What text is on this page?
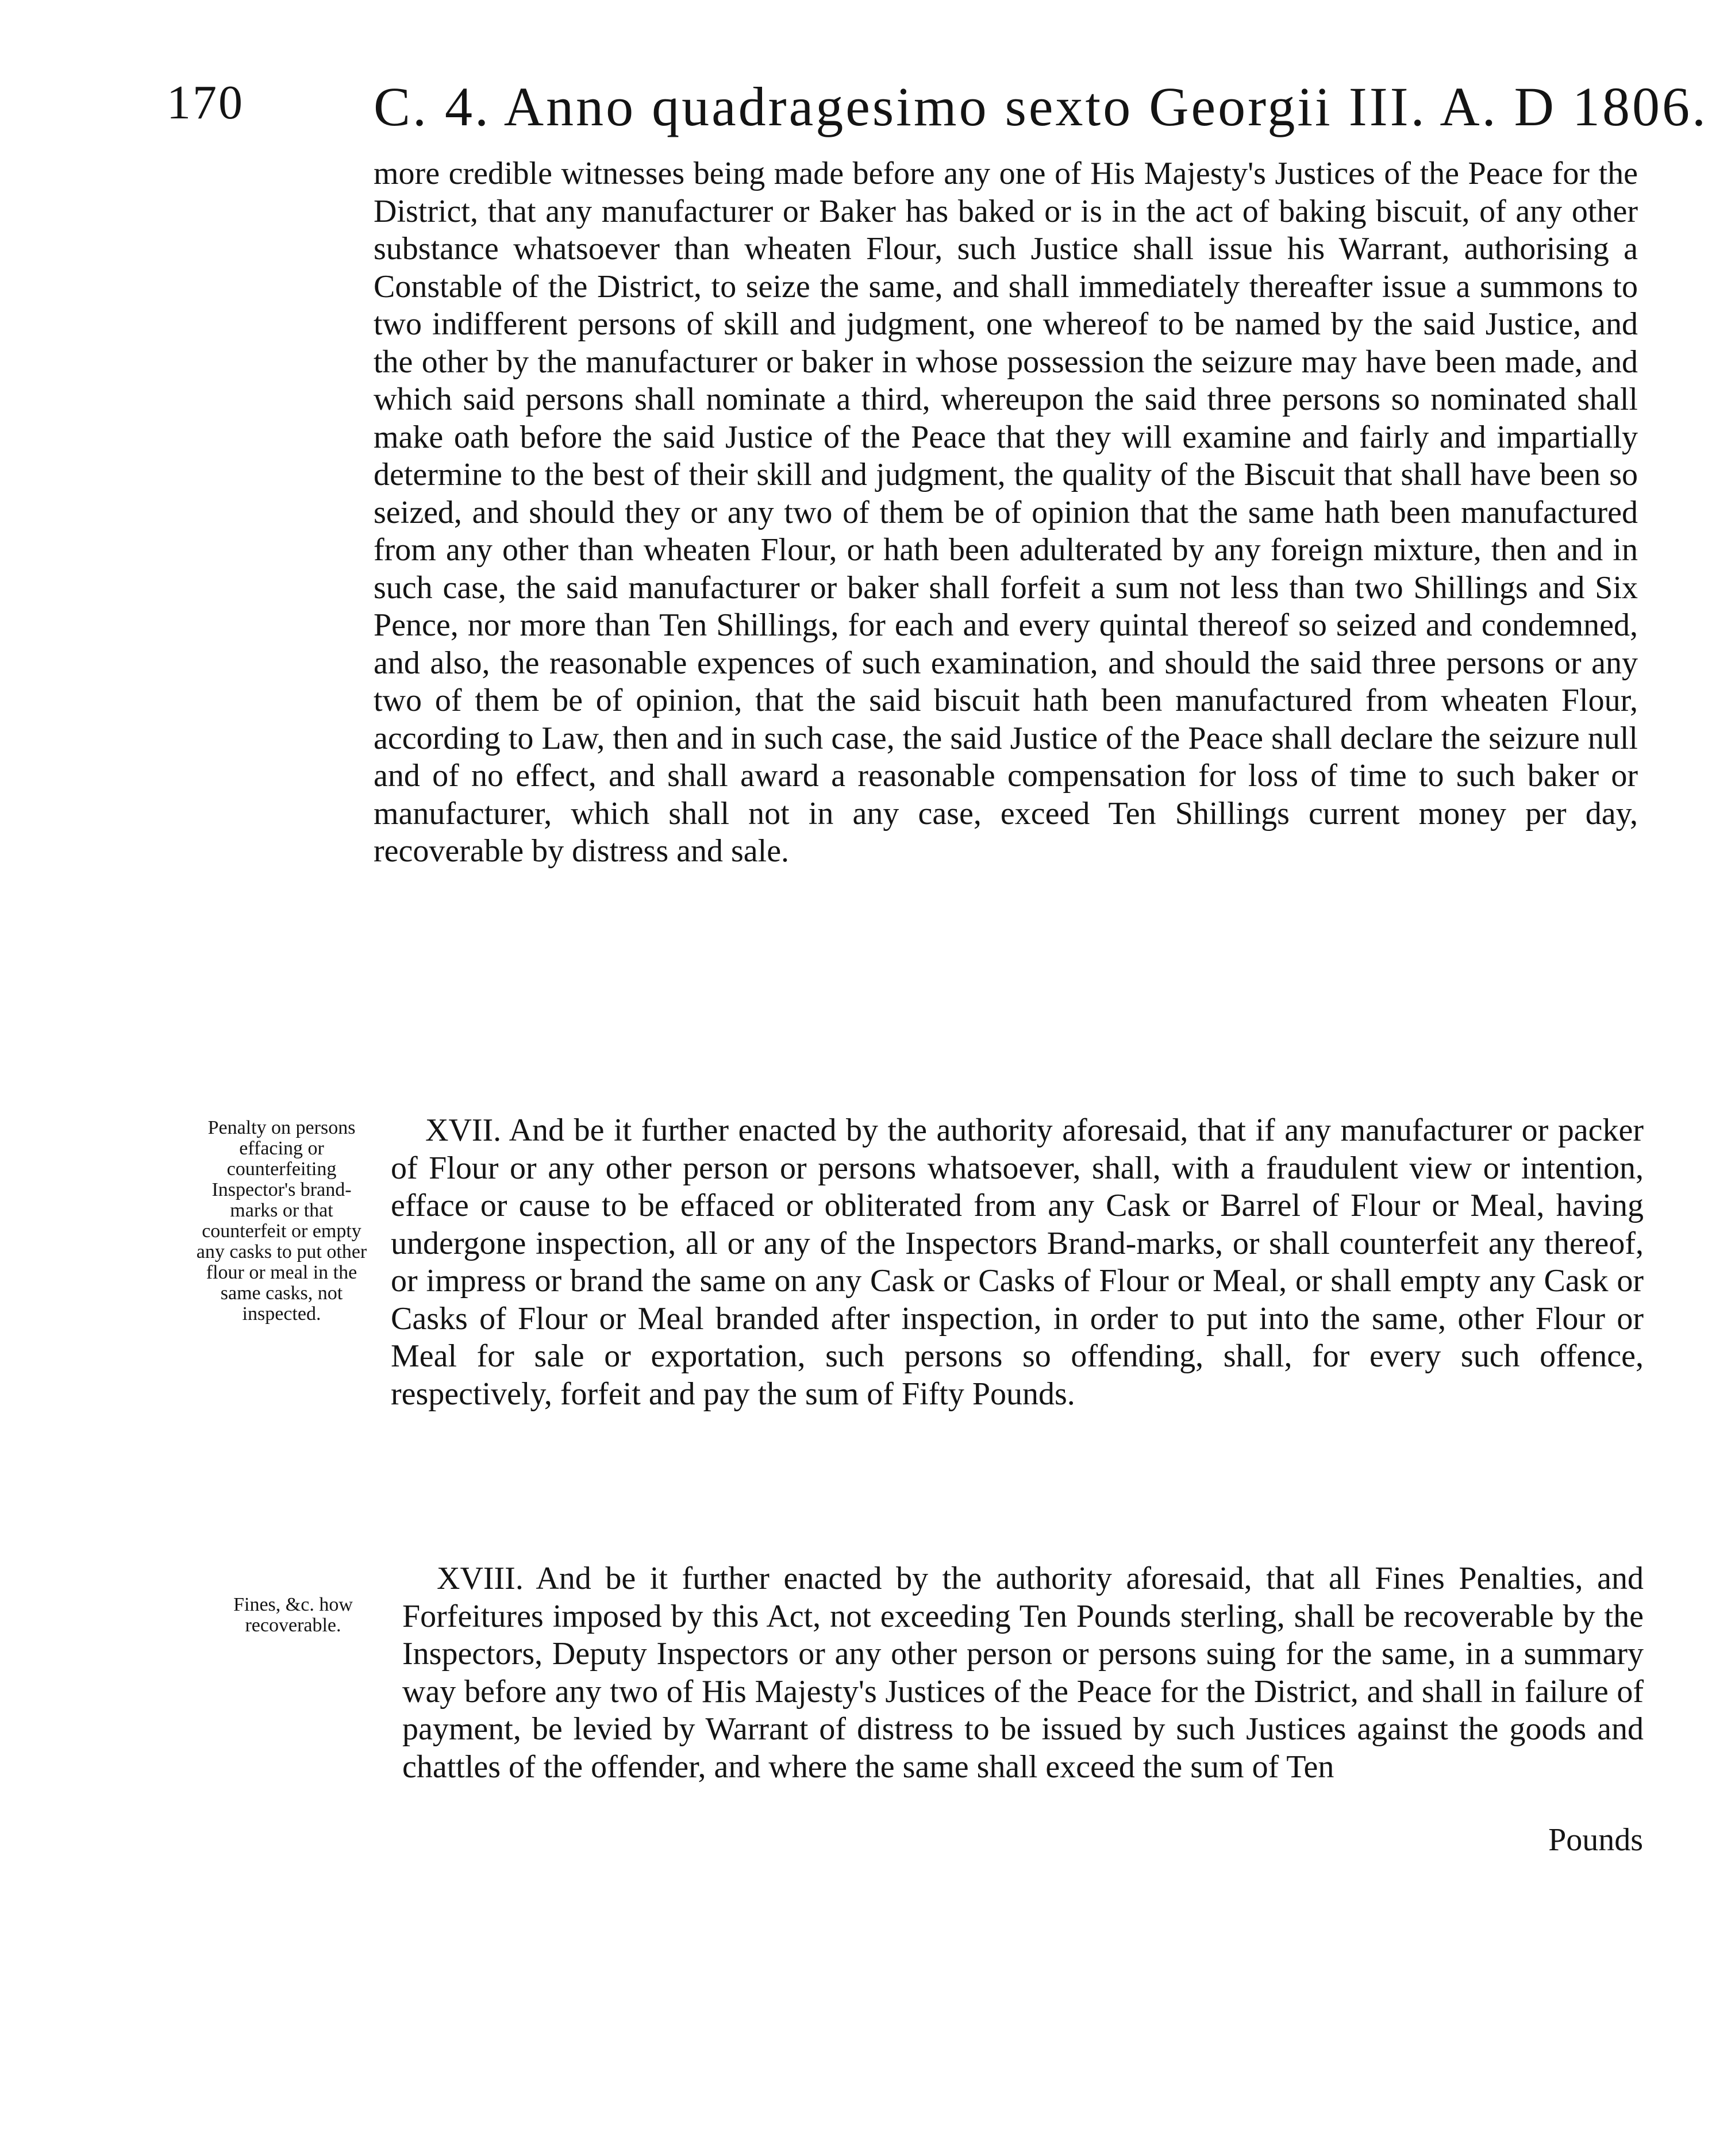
170 C. 4. Anno quadragesimo sexto Georgii III. A. D 1806.

more credible witnesses being made before any one of His Majesty's Justices of the Peace for the District, that any manufacturer or Baker has baked or is in the act of baking biscuit, of any other substance whatsoever than wheaten Flour, such Justice shall issue his Warrant, authorising a Constable of the District, to seize the same, and shall immediately thereafter issue a summons to two indifferent persons of skill and judgment, one whereof to be named by the said Justice, and the other by the manufacturer or baker in whose possession the seizure may have been made, and which said persons shall nominate a third, whereupon the said three persons so nominated shall make oath before the said Justice of the Peace that they will examine and fairly and impartially determine to the best of their skill and judgment, the quality of the Biscuit that shall have been so seized, and should they or any two of them be of opinion that the same hath been manufactured from any other than wheaten Flour, or hath been adulterated by any foreign mixture, then and in such case, the said manufacturer or baker shall forfeit a sum not less than two Shillings and Six Pence, nor more than Ten Shillings, for each and every quintal thereof so seized and condemned, and also, the reasonable expences of such examination, and should the said three persons or any two of them be of opinion, that the said biscuit hath been manufactured from wheaten Flour, according to Law, then and in such case, the said Justice of the Peace shall declare the seizure null and of no effect, and shall award a reasonable compensation for loss of time to such baker or manufacturer, which shall not in any case, exceed Ten Shillings current money per day, recoverable by distress and sale.

Penalty on persons effacing or counterfeiting Inspector's brand-marks or that counterfeit or empty any casks to put other flour or meal in the same casks, not inspected.

XVII. And be it further enacted by the authority aforesaid, that if any manufacturer or packer of Flour or any other person or persons whatsoever, shall, with a fraudulent view or intention, efface or cause to be effaced or obliterated from any Cask or Barrel of Flour or Meal, having undergone inspection, all or any of the Inspectors Brand-marks, or shall counterfeit any thereof, or impress or brand the same on any Cask or Casks of Flour or Meal, or shall empty any Cask or Casks of Flour or Meal branded after inspection, in order to put into the same, other Flour or Meal for sale or exportation, such persons so offending, shall, for every such offence, respectively, forfeit and pay the sum of Fifty Pounds.

Fines, &c. how recoverable.

XVIII. And be it further enacted by the authority aforesaid, that all Fines Penalties, and Forfeitures imposed by this Act, not exceeding Ten Pounds sterling, shall be recoverable by the Inspectors, Deputy Inspectors or any other person or persons suing for the same, in a summary way before any two of His Majesty's Justices of the Peace for the District, and shall in failure of payment, be levied by Warrant of distress to be issued by such Justices against the goods and chattles of the offender, and where the same shall exceed the sum of Ten

Pounds
